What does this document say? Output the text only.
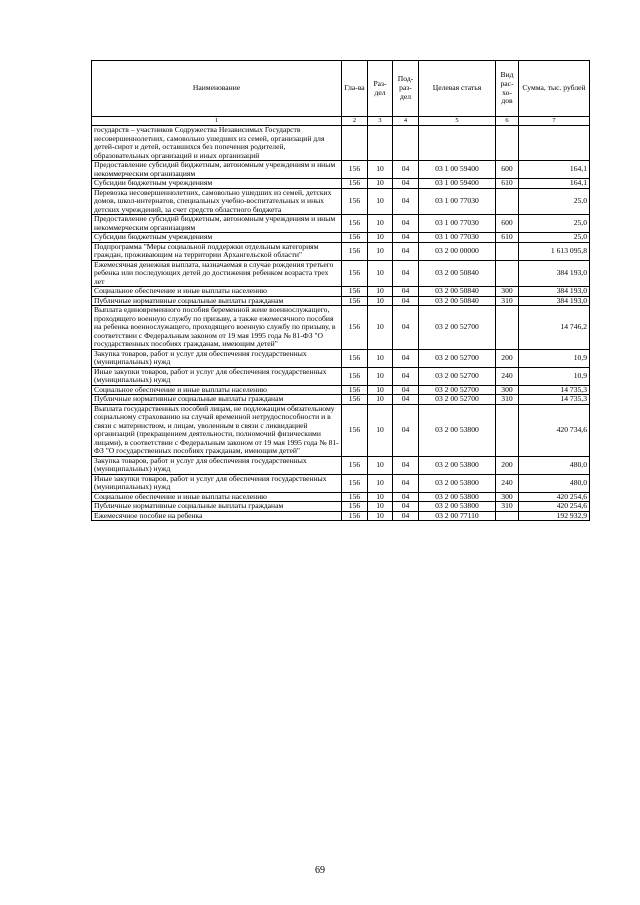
Наименование	Гла-ва	Раз-дел	Под-раз-дел	Целевая статья	Вид рас-хо-дов	Сумма, тыс. рублей
1	2	3	4	5	6	7
государств – участников Содружества Независимых Государств несовершеннолетних, самовольно ушедших из семей, организаций для детей-сирот и детей, оставшихся без попечения родителей, образовательных организаций и иных организаций						
Предоставление субсидий бюджетным, автономным учреждениям и иным некоммерческим организациям	156	10	04	03 1 00 59400	600	164,1
Субсидии бюджетным учреждениям	156	10	04	03 1 00 59400	610	164,1
Перевозка несовершеннолетних, самовольно ушедших из семей, детских домов, школ-интернатов, специальных учебно-воспитательных и иных детских учреждений, за счет средств областного бюджета	156	10	04	03 1 00 77030		25,0
Предоставление субсидий бюджетным, автономным учреждениям и иным некоммерческим организациям	156	10	04	03 1 00 77030	600	25,0
Субсидии бюджетным учреждениям	156	10	04	03 1 00 77030	610	25,0
Подпрограмма "Меры социальной поддержки отдельным категориям граждан, проживающим на территории Архангельской области"	156	10	04	03 2 00 00000		1 613 095,8
Ежемесячная денежная выплата, назначаемая в случае рождения третьего ребенка или последующих детей до достижения ребенком возраста трех лет	156	10	04	03 2 00 50840		384 193,0
Социальное обеспечение и иные выплаты населению	156	10	04	03 2 00 50840	300	384 193,0
Публичные нормативные социальные выплаты гражданам	156	10	04	03 2 00 50840	310	384 193,0
Выплата единовременного пособия беременной жене военнослужащего, проходящего военную службу по призыву, а также ежемесячного пособия на ребенка военнослужащего, проходящего военную службу по призыву, в соответствии с Федеральным законом от 19 мая 1995 года № 81-ФЗ "О государственных пособиях гражданам, имеющим детей"	156	10	04	03 2 00 52700		14 746,2
Закупка товаров, работ и услуг для обеспечения государственных (муниципальных) нужд	156	10	04	03 2 00 52700	200	10,9
Иные закупки товаров, работ и услуг для обеспечения государственных (муниципальных) нужд	156	10	04	03 2 00 52700	240	10,9
Социальное обеспечение и иные выплаты населению	156	10	04	03 2 00 52700	300	14 735,3
Публичные нормативные социальные выплаты гражданам	156	10	04	03 2 00 52700	310	14 735,3
Выплата государственных пособий лицам, не подлежащим обязательному социальному страхованию на случай временной нетрудоспособности и в связи с материнством, и лицам, уволенным в связи с ликвидацией организаций (прекращением деятельности, полномочий физическими лицами), в соответствии с Федеральным законом от 19 мая 1995 года № 81-ФЗ "О государственных пособиях гражданам, имеющим детей"	156	10	04	03 2 00 53800		420 734,6
Закупка товаров, работ и услуг для обеспечения государственных (муниципальных) нужд	156	10	04	03 2 00 53800	200	480,0
Иные закупки товаров, работ и услуг для обеспечения государственных (муниципальных) нужд	156	10	04	03 2 00 53800	240	480,0
Социальное обеспечение и иные выплаты населению	156	10	04	03 2 00 53800	300	420 254,6
Публичные нормативные социальные выплаты гражданам	156	10	04	03 2 00 53800	310	420 254,6
Ежемесячное пособие на ребенка	156	10	04	03 2 00 77110		192 932,9
69
